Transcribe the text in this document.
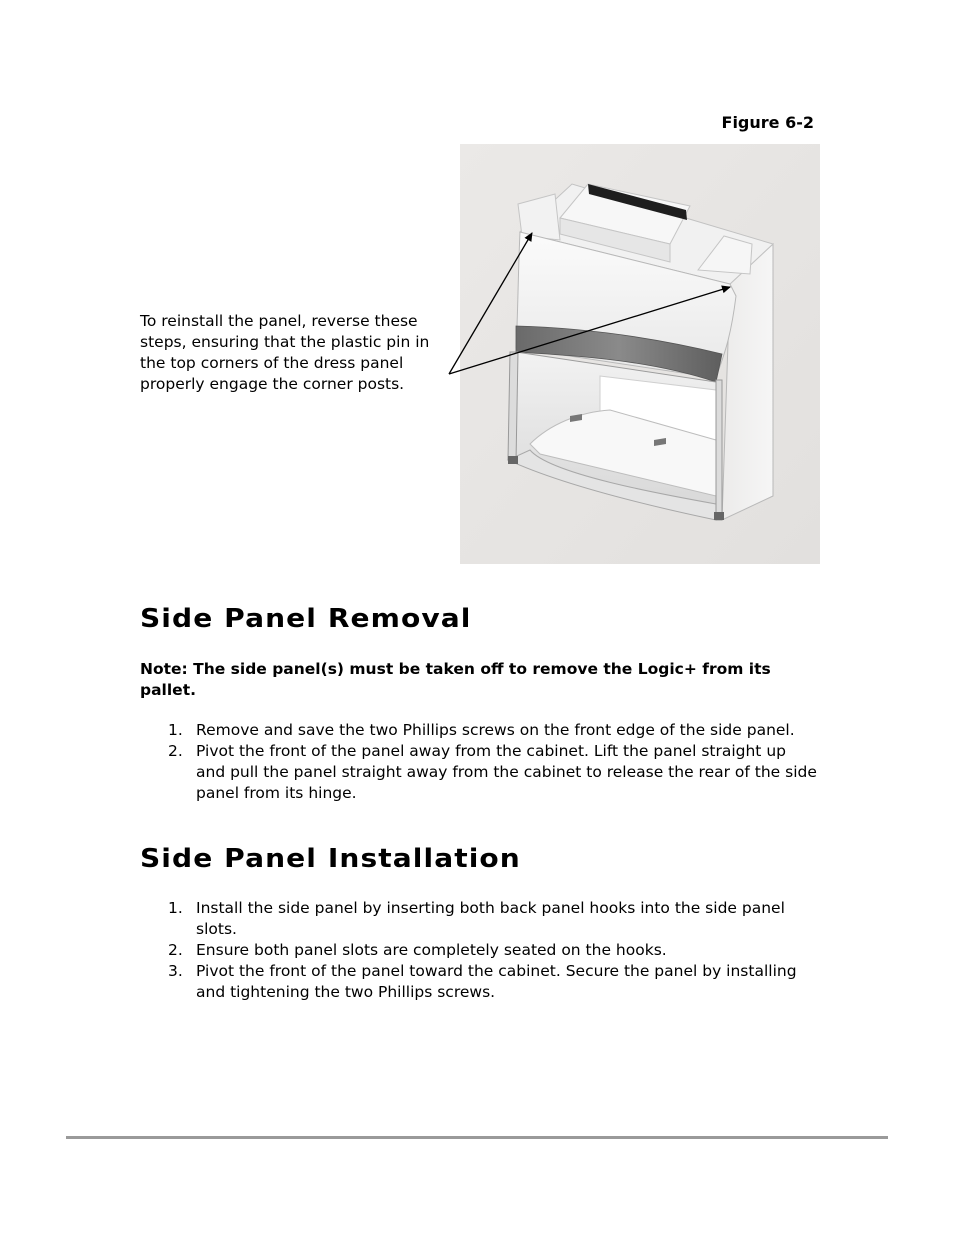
Figure 6-2
To reinstall the panel, reverse these steps, ensuring that the plastic pin in the top corners of the dress panel properly engage the corner posts.
Side Panel Removal
Note: The side panel(s) must be taken off to remove the Logic+ from its pallet.
1. Remove and save the two Phillips screws on the front edge of the side panel.
2. Pivot the front of the panel away from the cabinet. Lift the panel straight up and pull the panel straight away from the cabinet to release the rear of the side panel from its hinge.
Side Panel Installation
1. Install the side panel by inserting both back panel hooks into the side panel slots.
2. Ensure both panel slots are completely seated on the hooks.
3. Pivot the front of the panel toward the cabinet. Secure the panel by installing and tightening the two Phillips screws.
